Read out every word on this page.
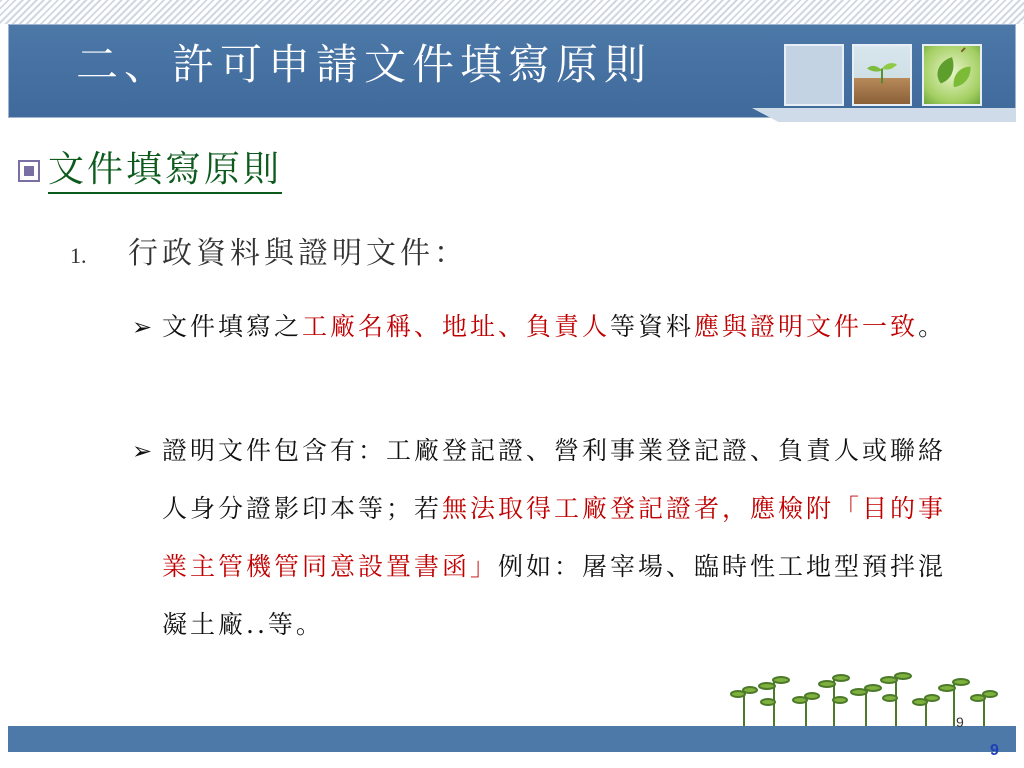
二、許可申請文件填寫原則
文件填寫原則
1.	行政資料與證明文件：
➢ 文件填寫之工廠名稱、地址、負責人等資料應與證明文件一致。
➢ 證明文件包含有：工廠登記證、營利事業登記證、負責人或聯絡人身分證影印本等；若無法取得工廠登記證者，應檢附「目的事業主管機管同意設置書函」例如：屠宰場、臨時性工地型預拌混凝土廠..等。
9
9
